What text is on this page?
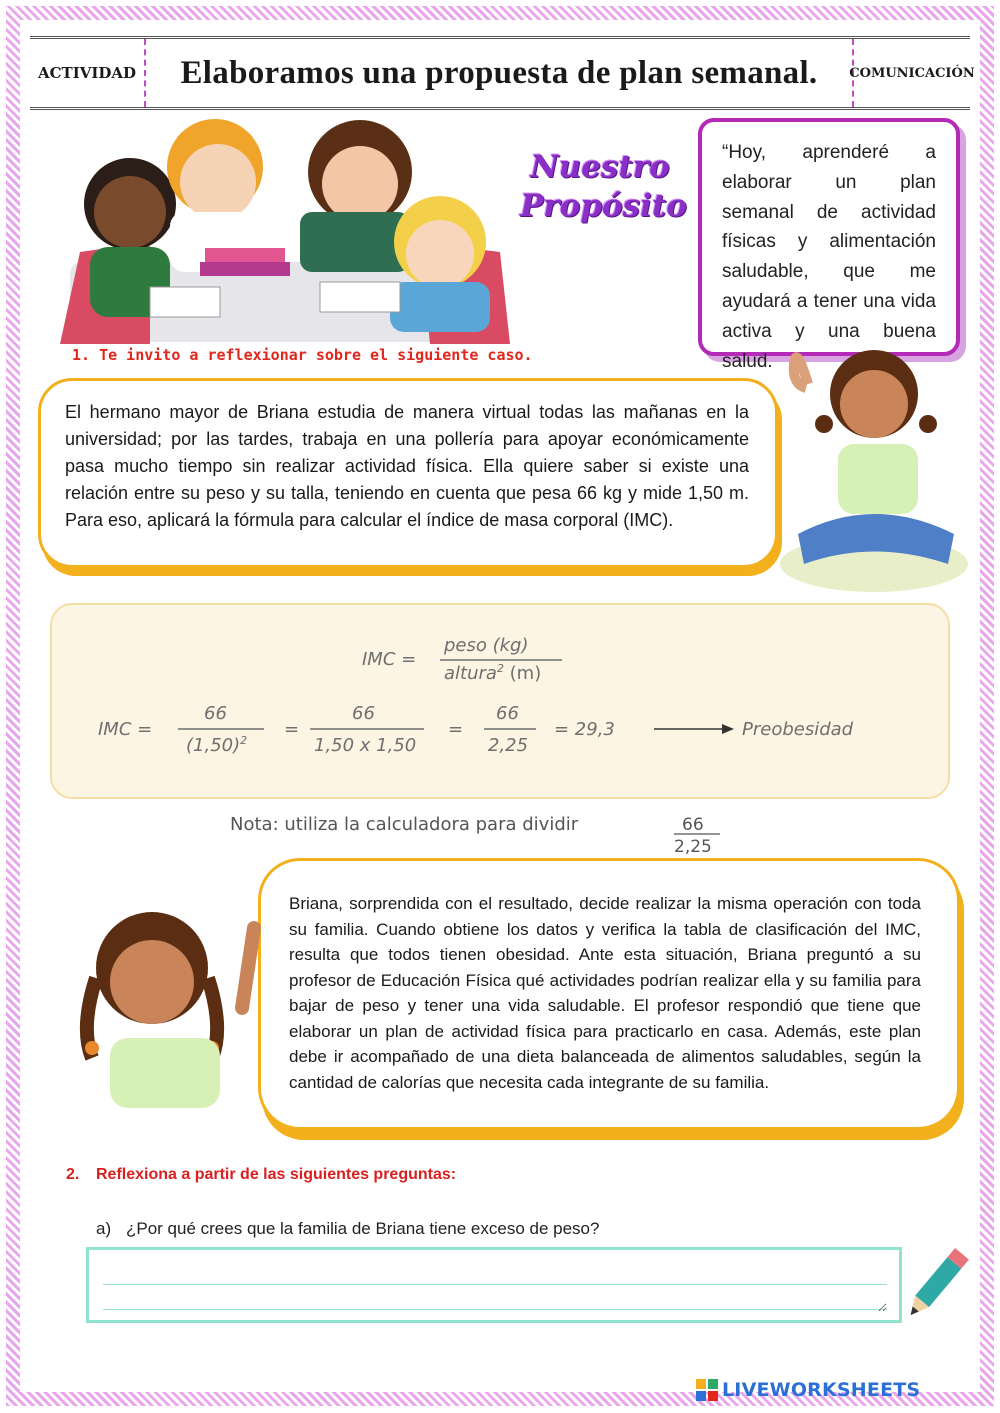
ACTIVIDAD	Elaboramos una propuesta de plan semanal.	COMUNICACIÓN
Nuestro
Propósito
“Hoy, aprenderé a elaborar un plan semanal de actividad físicas y alimentación saludable, que me ayudará a tener una vida activa y una buena salud.
1. Te invito a reflexionar sobre el siguiente caso.
El hermano mayor de Briana estudia de manera virtual todas las mañanas en la universidad; por las tardes, trabaja en una pollería para apoyar económicamente pasa mucho tiempo sin realizar actividad física. Ella quiere saber si existe una relación entre su peso y su talla, teniendo en cuenta que pesa 66 kg y mide 1,50 m. Para eso, aplicará la fórmula para calcular el índice de masa corporal (IMC).
IMC =
peso (kg)
altura$^2$ (m)
IMC =
66
$(1,50)^2$
=
66
1,50 x 1,50
=
66
2,25
= 29,3	Preobesidad
Nota: utiliza la calculadora para dividir	66
2,25
Briana, sorprendida con el resultado, decide realizar la misma operación con toda su familia. Cuando obtiene los datos y verifica la tabla de clasificación del IMC, resulta que todos tienen obesidad. Ante esta situación, Briana preguntó a su profesor de Educación Física qué actividades podrían realizar ella y su familia para bajar de peso y tener una vida saludable. El profesor respondió que tiene que elaborar un plan de actividad física para practicarlo en casa. Además, este plan debe ir acompañado de una dieta balanceada de alimentos saludables, según la cantidad de calorías que necesita cada integrante de su familia.
2. Reflexiona a partir de las siguientes preguntas:
a) ¿Por qué crees que la familia de Briana tiene exceso de peso?
LIVEWORKSHEETS
